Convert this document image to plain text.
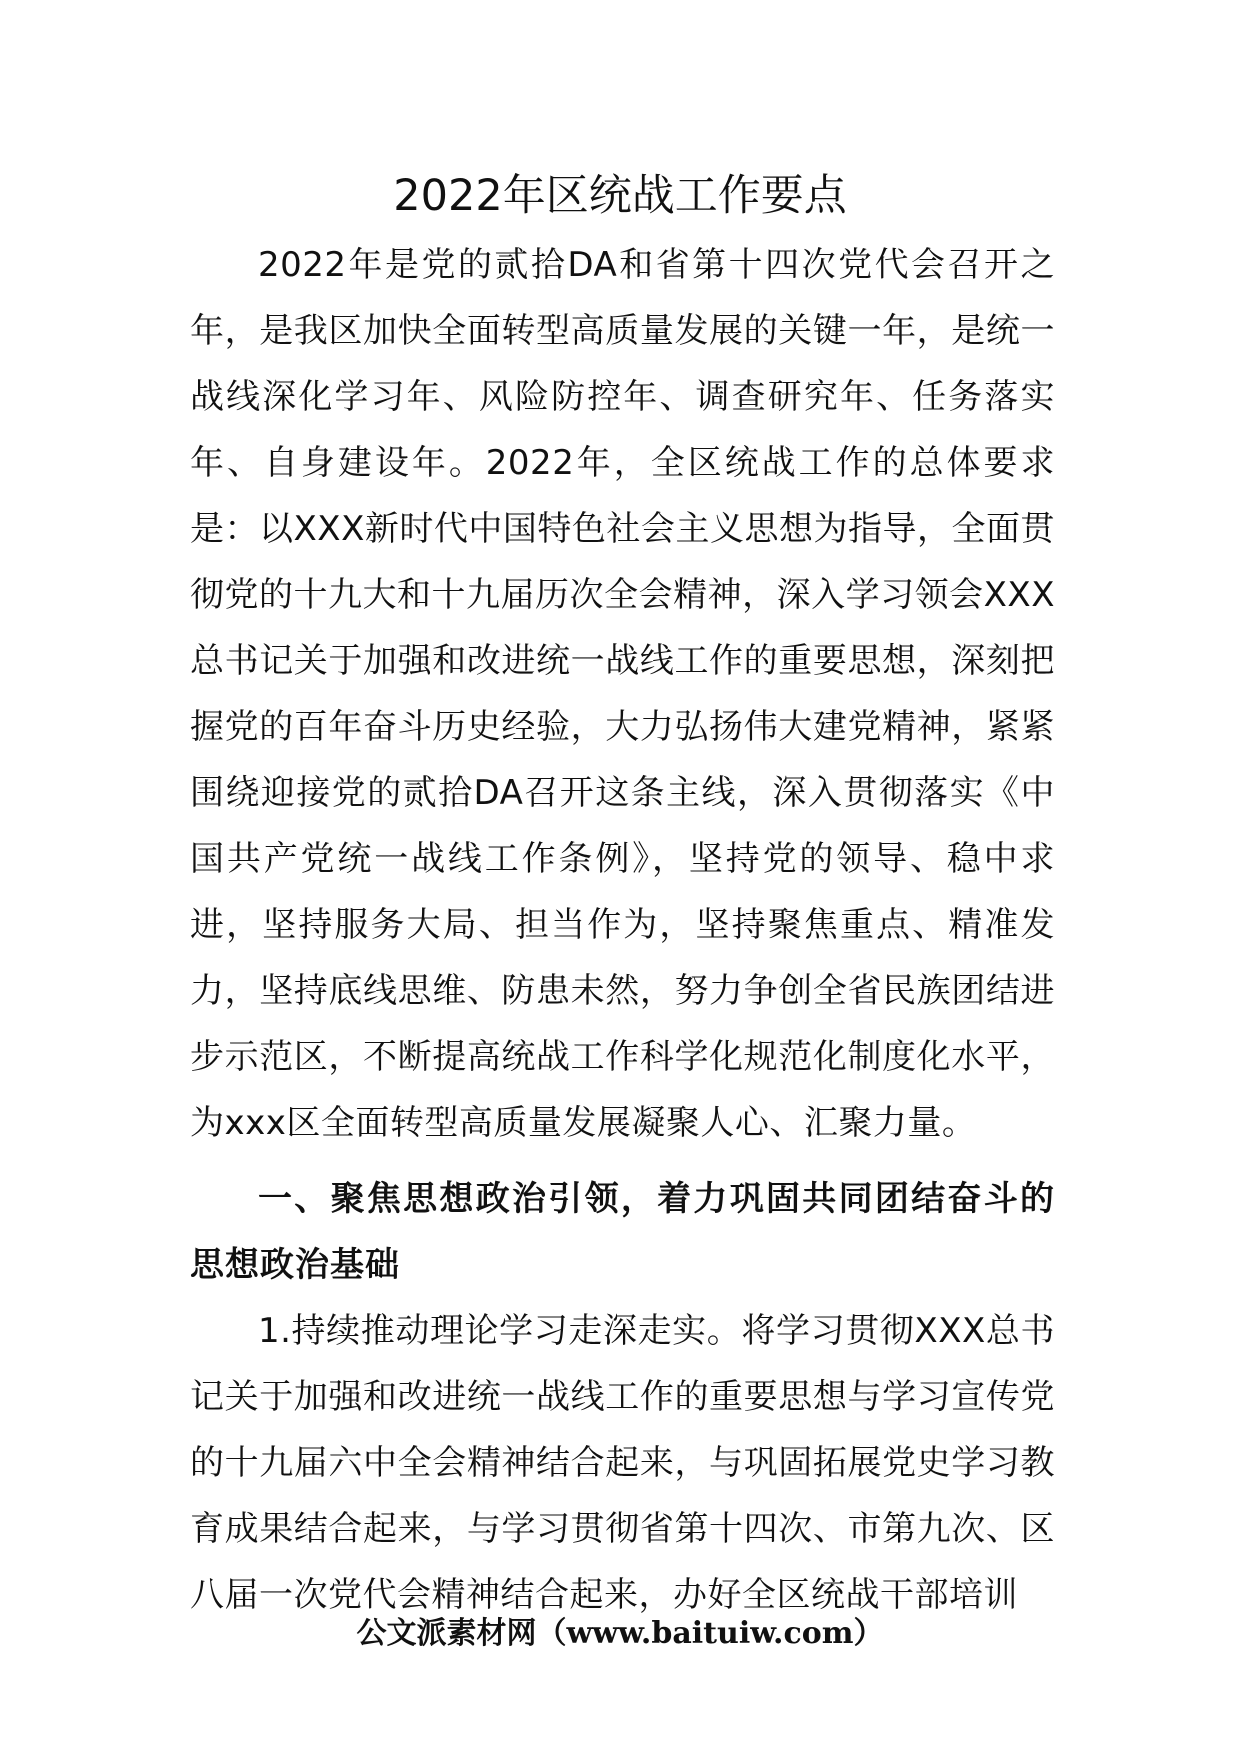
2022年区统战工作要点

2022年是党的贰拾DA和省第十四次党代会召开之年，是我区加快全面转型高质量发展的关键一年，是统一战线深化学习年、风险防控年、调查研究年、任务落实年、自身建设年。2022年，全区统战工作的总体要求是：以XXX新时代中国特色社会主义思想为指导，全面贯彻党的十九大和十九届历次全会精神，深入学习领会XXX总书记关于加强和改进统一战线工作的重要思想，深刻把握党的百年奋斗历史经验，大力弘扬伟大建党精神，紧紧围绕迎接党的贰拾DA召开这条主线，深入贯彻落实《中国共产党统一战线工作条例》，坚持党的领导、稳中求进，坚持服务大局、担当作为，坚持聚焦重点、精准发力，坚持底线思维、防患未然，努力争创全省民族团结进步示范区，不断提高统战工作科学化规范化制度化水平，为xxx区全面转型高质量发展凝聚人心、汇聚力量。

一、聚焦思想政治引领，着力巩固共同团结奋斗的思想政治基础

1.持续推动理论学习走深走实。将学习贯彻XXX总书记关于加强和改进统一战线工作的重要思想与学习宣传党的十九届六中全会精神结合起来，与巩固拓展党史学习教育成果结合起来，与学习贯彻省第十四次、市第九次、区八届一次党代会精神结合起来，办好全区统战干部培训

公文派素材网（www.baituiw.com）
